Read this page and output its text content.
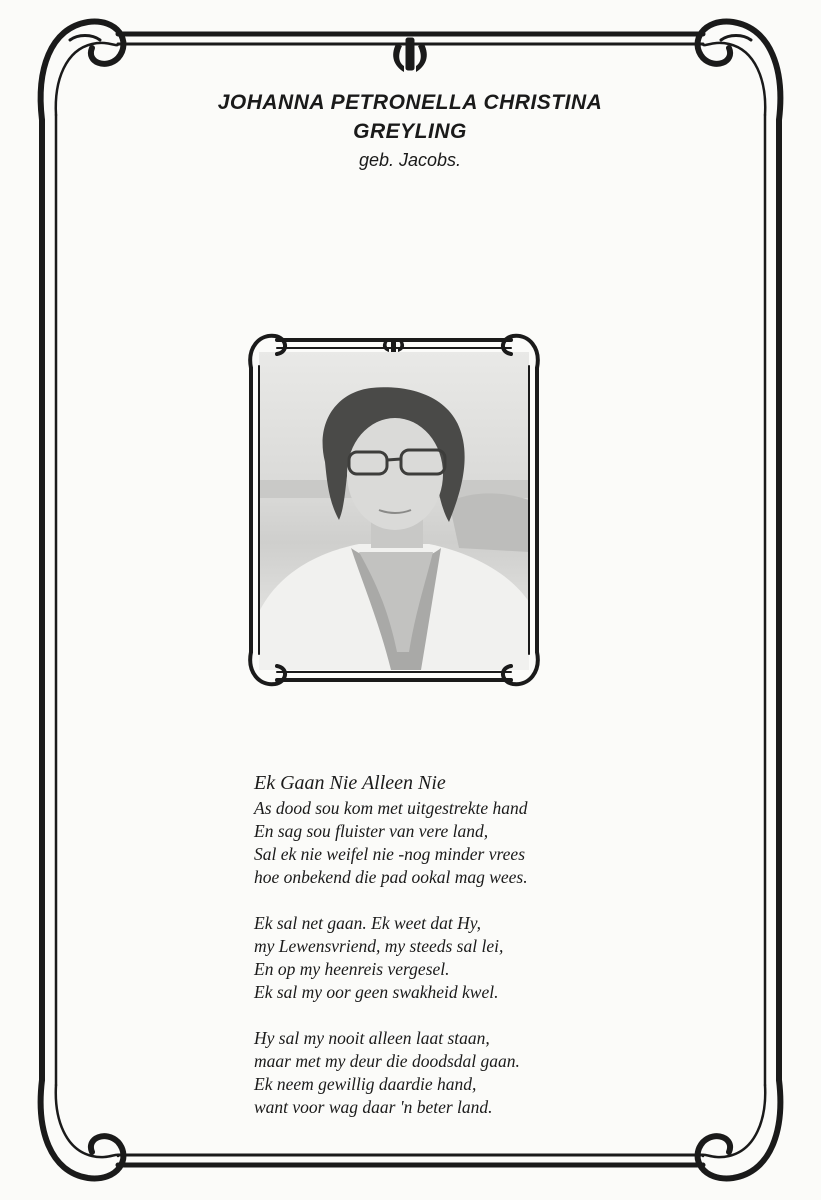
JOHANNA PETRONELLA CHRISTINA
GREYLING
geb. Jacobs.
Ek Gaan Nie Alleen Nie
As dood sou kom met uitgestrekte hand
En sag sou fluister van vere land,
Sal ek nie weifel nie -nog minder vrees
hoe onbekend die pad ookal mag wees.
Ek sal net gaan. Ek weet dat Hy,
my Lewensvriend, my steeds sal lei,
En op my heenreis vergesel.
Ek sal my oor geen swakheid kwel.
Hy sal my nooit alleen laat staan,
maar met my deur die doodsdal gaan.
Ek neem gewillig daardie hand,
want voor wag daar 'n beter land.
